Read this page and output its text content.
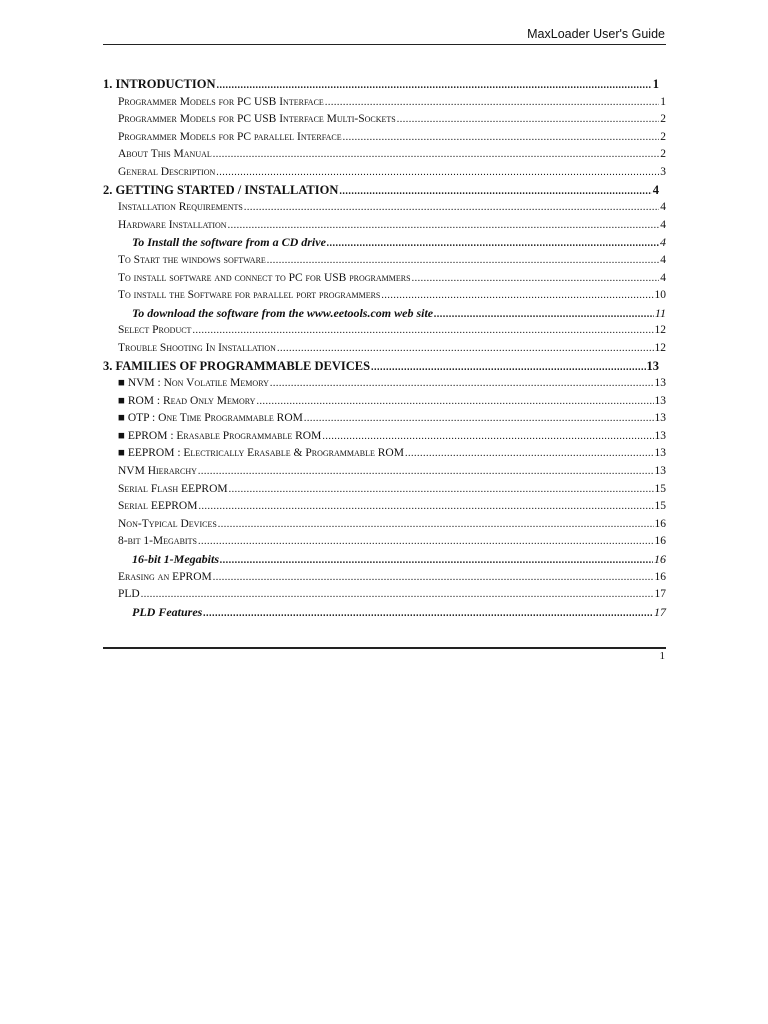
MaxLoader User's Guide
1. INTRODUCTION .....	1
Programmer Models for PC USB Interface .....	1
Programmer Models for PC USB Interface Multi-Sockets .....	2
Programmer Models for PC parallel Interface .....	2
About This Manual .....	2
General Description .....	3
2. GETTING STARTED / INSTALLATION .....	4
Installation Requirements .....	4
Hardware Installation .....	4
To Install the software from a CD drive .....	4
To Start the windows software .....	4
To install software and connect to PC for USB programmers .....	4
To install the Software for parallel port programmers .....	10
To download the software from the www.eetools.com web site .....	11
Select Product .....	12
Trouble Shooting In Installation .....	12
3. FAMILIES OF PROGRAMMABLE DEVICES .....	13
■ NVM : Non Volatile Memory .....	13
■ ROM : Read Only Memory .....	13
■ OTP : One Time Programmable ROM .....	13
■ EPROM : Erasable Programmable ROM .....	13
■ EEPROM : Electrically Erasable & Programmable ROM .....	13
NVM Hierarchy .....	13
Serial Flash EEPROM .....	15
Serial EEPROM .....	15
Non-Typical Devices .....	16
8-bit 1-Megabits .....	16
16-bit 1-Megabits .....	16
Erasing an EPROM .....	16
PLD .....	17
PLD Features .....	17
1
